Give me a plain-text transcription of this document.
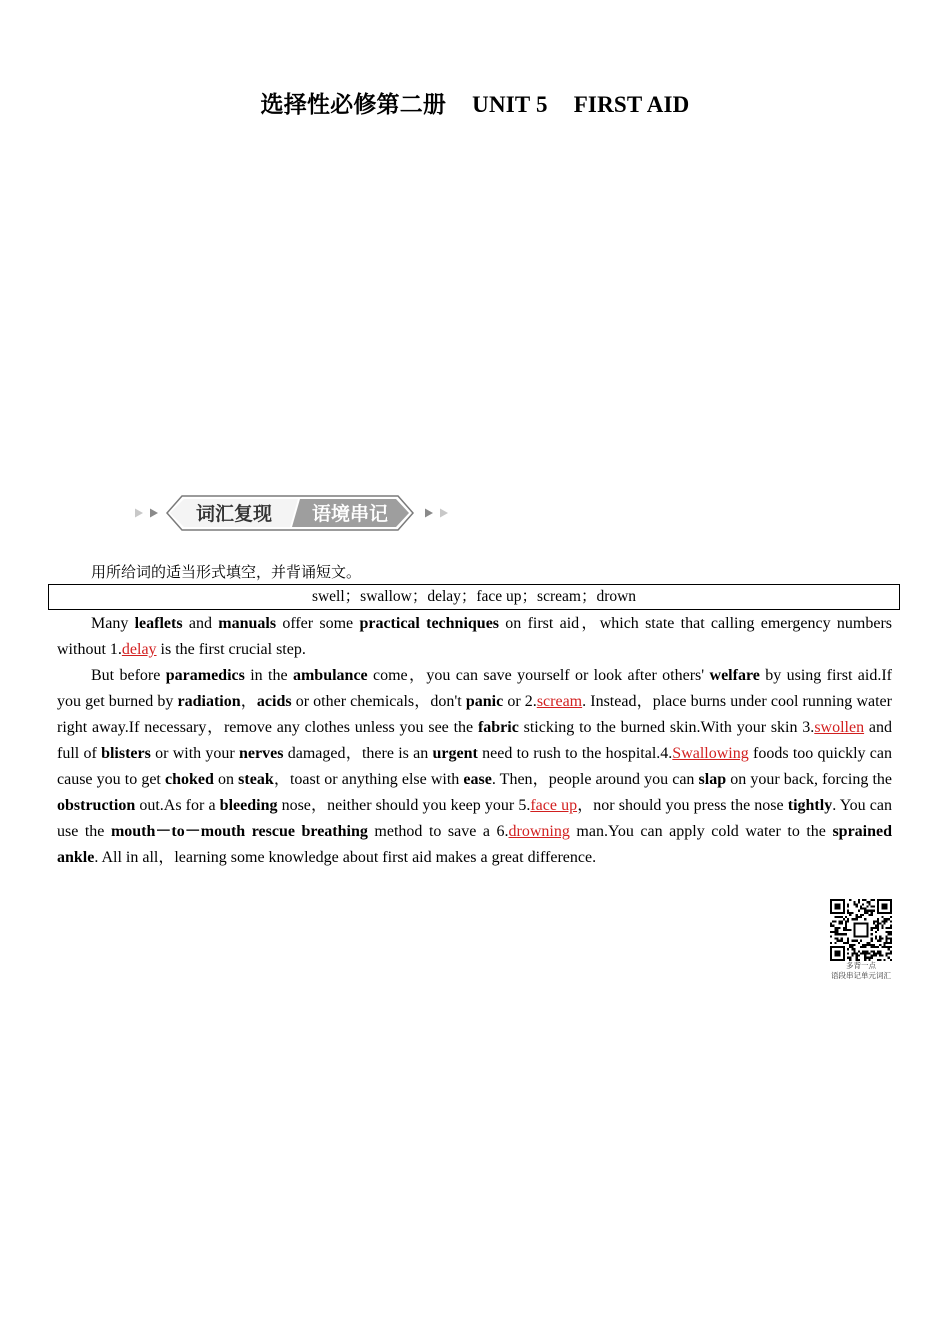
选择性必修第二册 UNIT 5 FIRST AID
词汇复现 语境串记
用所给词的适当形式填空，并背诵短文。
swell；swallow；delay；face up；scream；drown

Many leaflets and manuals offer some practical techniques on first aid，which state that calling emergency numbers without 1.delay is the first crucial step.

But before paramedics in the ambulance come，you can save yourself or look after others' welfare by using first aid.If you get burned by radiation，acids or other chemicals，don't panic or 2.scream. Instead，place burns under cool running water right away.If necessary，remove any clothes unless you see the fabric sticking to the burned skin.With your skin 3.swollen and full of blisters or with your nerves damaged，there is an urgent need to rush to the hospital.4.Swallowing foods too quickly can cause you to get choked on steak，toast or anything else with ease. Then，people around you can slap on your back, forcing the obstruction out.As for a bleeding nose，neither should you keep your 5.face up，nor should you press the nose tightly. You can use the mouth－to－mouth rescue breathing method to save a 6.drowning man.You can apply cold water to the sprained ankle. All in all，learning some knowledge about first aid makes a great difference.

多背一点
语段串记单元词汇
